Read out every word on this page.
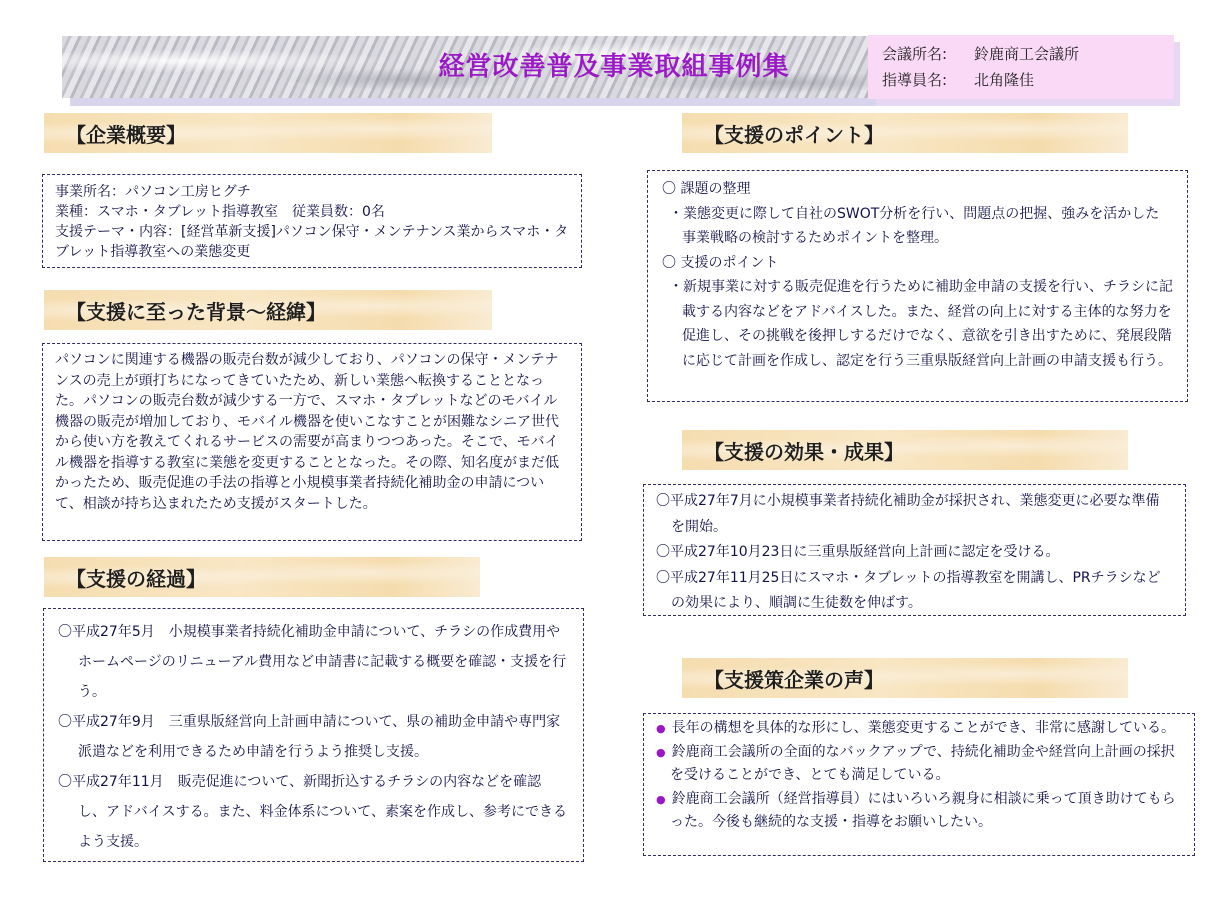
経営改善普及事業取組事例集	会議所名: 鈴鹿商工会議所
指導員名: 北角隆佳
【企業概要】

事業所名：パソコン工房ヒグチ

業種：スマホ・タブレット指導教室　従業員数：0名

支援テーマ・内容：[経営革新支援]パソコン保守・メンテナンス業からスマホ・タブレット指導教室への業態変更

【支援に至った背景～経緯】

パソコンに関連する機器の販売台数が減少しており、パソコンの保守・メンテナンスの売上が頭打ちになってきていたため、新しい業態へ転換することとなった。パソコンの販売台数が減少する一方で、スマホ・タブレットなどのモバイル機器の販売が増加しており、モバイル機器を使いこなすことが困難なシニア世代から使い方を教えてくれるサービスの需要が高まりつつあった。そこで、モバイル機器を指導する教室に業態を変更することとなった。その際、知名度がまだ低かったため、販売促進の手法の指導と小規模事業者持続化補助金の申請について、相談が持ち込まれたため支援がスタートした。

【支援の経過】

〇平成27年5月　小規模事業者持続化補助金申請について、チラシの作成費用やホームページのリニューアル費用など申請書に記載する概要を確認・支援を行う。

〇平成27年9月　三重県版経営向上計画申請について、県の補助金申請や専門家派遣などを利用できるため申請を行うよう推奨し支援。

〇平成27年11月　販売促進について、新聞折込するチラシの内容などを確認し、アドバイスする。また、料金体系について、素案を作成し、参考にできるよう支援。

【支援のポイント】

〇 課題の整理

・業態変更に際して自社のSWOT分析を行い、問題点の把握、強みを活かした事業戦略の検討するためポイントを整理。

〇 支援のポイント

・新規事業に対する販売促進を行うために補助金申請の支援を行い、チラシに記載する内容などをアドバイスした。また、経営の向上に対する主体的な努力を促進し、その挑戦を後押しするだけでなく、意欲を引き出すために、発展段階に応じて計画を作成し、認定を行う三重県版経営向上計画の申請支援も行う。

【支援の効果・成果】

〇平成27年7月に小規模事業者持続化補助金が採択され、業態変更に必要な準備を開始。

〇平成27年10月23日に三重県版経営向上計画に認定を受ける。

〇平成27年11月25日にスマホ・タブレットの指導教室を開講し、PRチラシなどの効果により、順調に生徒数を伸ばす。

【支援策企業の声】

● 長年の構想を具体的な形にし、業態変更することができ、非常に感謝している。

● 鈴鹿商工会議所の全面的なバックアップで、持続化補助金や経営向上計画の採択を受けることができ、とても満足している。

● 鈴鹿商工会議所（経営指導員）にはいろいろ親身に相談に乗って頂き助けてもらった。今後も継続的な支援・指導をお願いしたい。
